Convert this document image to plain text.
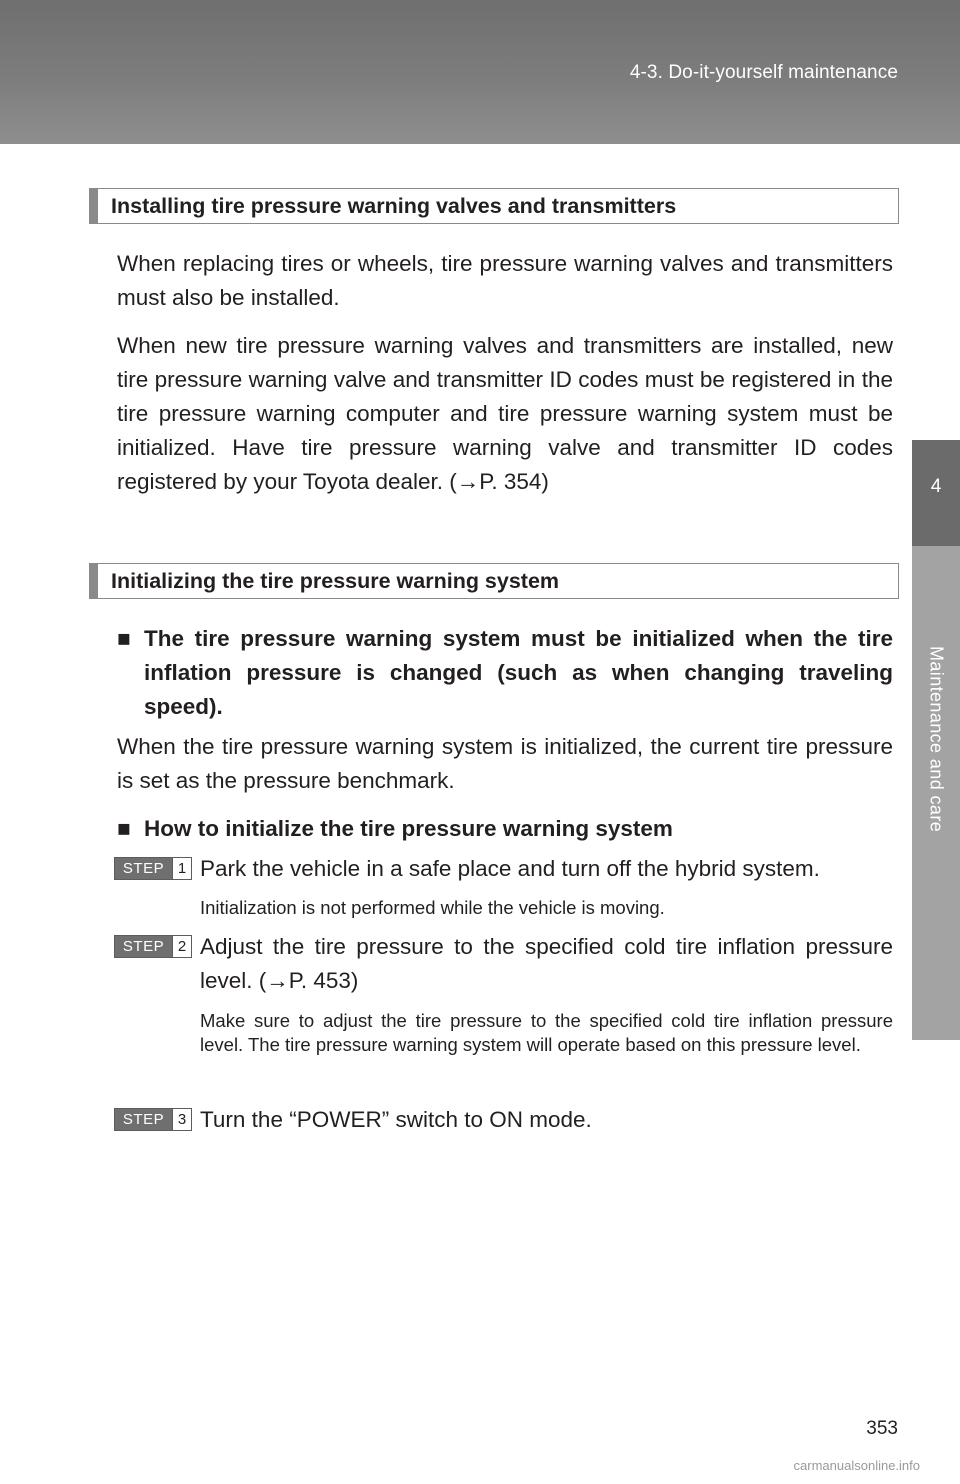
4-3. Do-it-yourself maintenance
4
Maintenance and care
Installing tire pressure warning valves and transmitters
When replacing tires or wheels, tire pressure warning valves and transmitters must also be installed.
When new tire pressure warning valves and transmitters are installed, new tire pressure warning valve and transmitter ID codes must be registered in the tire pressure warning computer and tire pressure warning system must be initialized. Have tire pressure warning valve and transmitter ID codes registered by your Toyota dealer. (→P. 354)
Initializing the tire pressure warning system
■ The tire pressure warning system must be initialized when the tire inflation pressure is changed (such as when changing traveling speed).
When the tire pressure warning system is initialized, the current tire pressure is set as the pressure benchmark.
■ How to initialize the tire pressure warning system
STEP 1 Park the vehicle in a safe place and turn off the hybrid system.
Initialization is not performed while the vehicle is moving.
STEP 2 Adjust the tire pressure to the specified cold tire inflation pressure level. (→P. 453)
Make sure to adjust the tire pressure to the specified cold tire inflation pressure level. The tire pressure warning system will operate based on this pressure level.
STEP 3 Turn the “POWER” switch to ON mode.
353
carmanualsonline.info
